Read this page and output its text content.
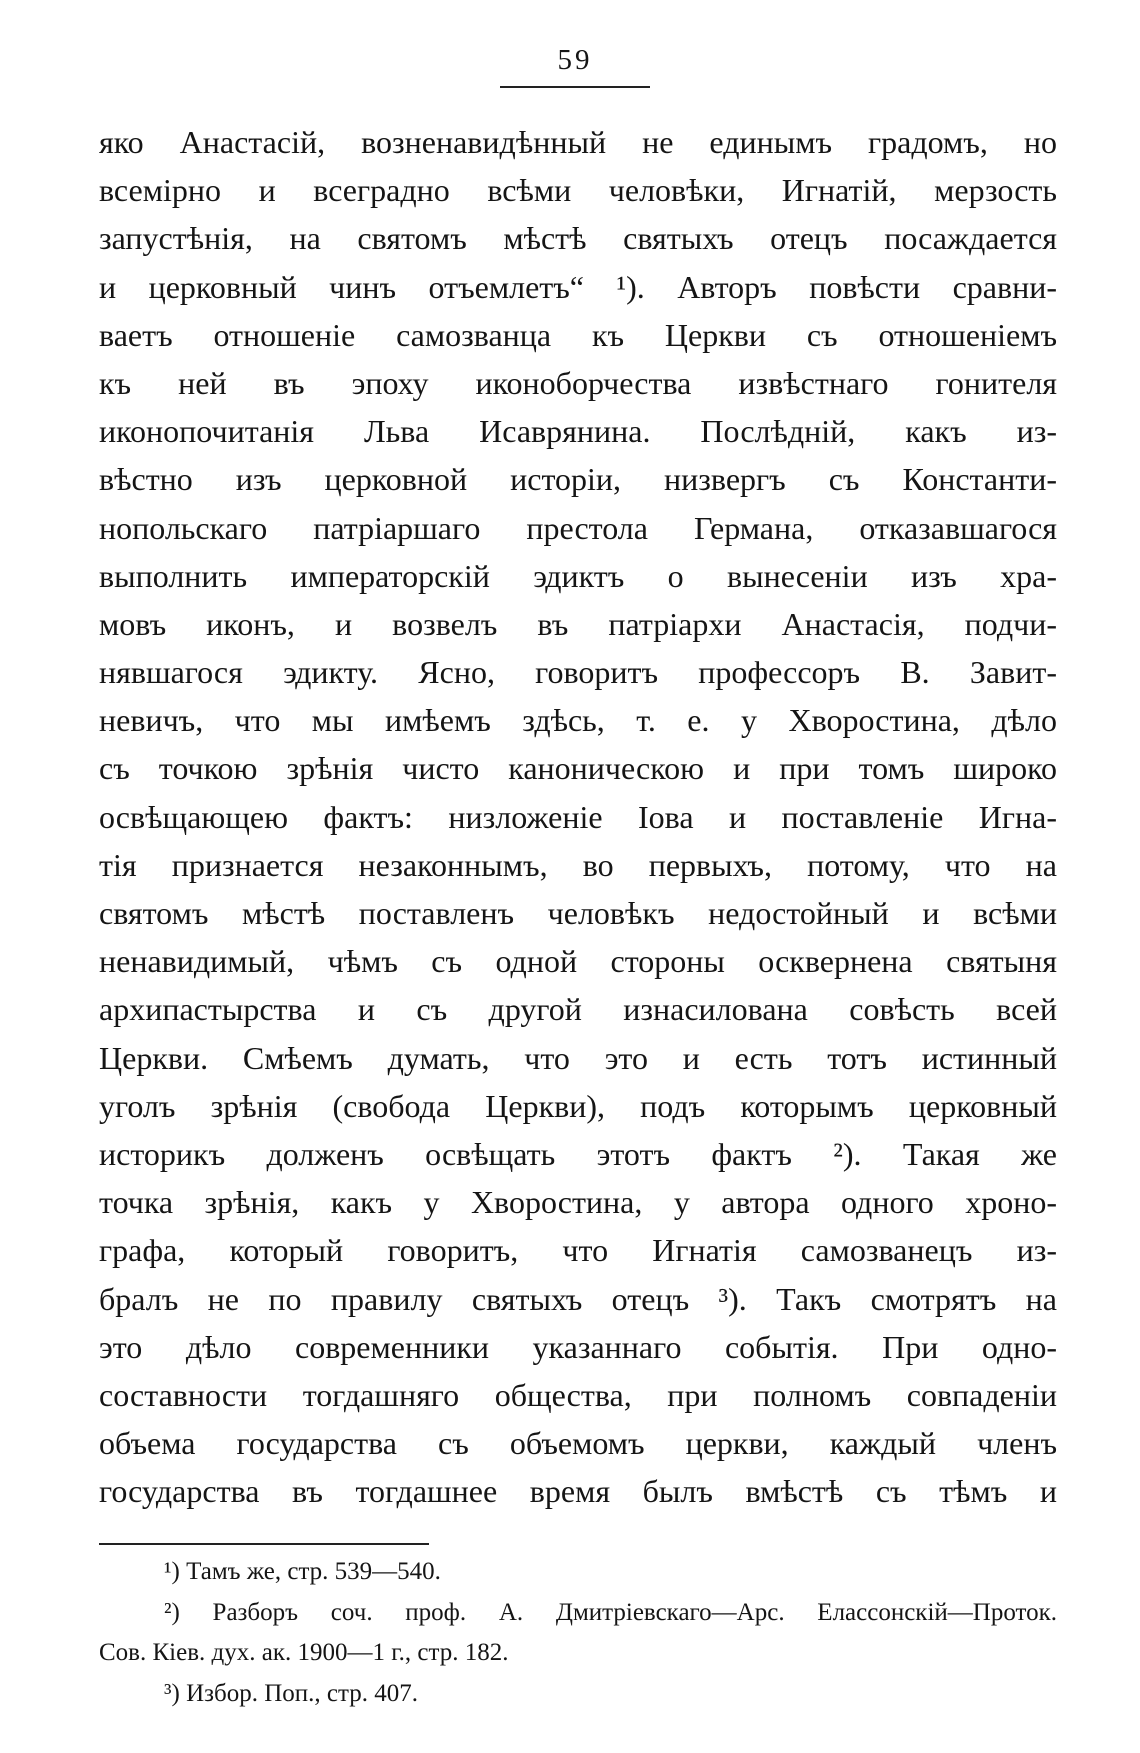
59
яко Анастасій, возненавидѣнный не единымъ градомъ, но
всемірно и всеградно всѣми человѣки, Игнатій, мерзость
запустѣнія, на святомъ мѣстѣ святыхъ отецъ посаждается
и церковный чинъ отъемлетъ“ ¹). Авторъ повѣсти сравни-
ваетъ отношеніе самозванца къ Церкви съ отношеніемъ
къ ней въ эпоху иконоборчества извѣстнаго гонителя
иконопочитанія Льва Исаврянина. Послѣдній, какъ из-
вѣстно изъ церковной исторіи, низвергъ съ Константи-
нопольскаго патріаршаго престола Германа, отказавшагося
выполнить императорскій эдиктъ о вынесеніи изъ хра-
мовъ иконъ, и возвелъ въ патріархи Анастасія, подчи-
нявшагося эдикту. Ясно, говоритъ профессоръ В. Завит-
невичъ, что мы имѣемъ здѣсь, т. е. у Хворостина, дѣло
съ точкою зрѣнія чисто каноническою и при томъ широко
освѣщающею фактъ: низложеніе Іова и поставленіе Игна-
тія признается незаконнымъ, во первыхъ, потому, что на
святомъ мѣстѣ поставленъ человѣкъ недостойный и всѣми
ненавидимый, чѣмъ съ одной стороны осквернена святыня
архипастырства и съ другой изнасилована совѣсть всей
Церкви. Смѣемъ думать, что это и есть тотъ истинный
уголъ зрѣнія (свобода Церкви), подъ которымъ церковный
историкъ долженъ освѣщать этотъ фактъ ²). Такая же
точка зрѣнія, какъ у Хворостина, у автора одного хроно-
графа, который говоритъ, что Игнатія самозванецъ из-
бралъ не по правилу святыхъ отецъ ³). Такъ смотрятъ на
это дѣло современники указаннаго событія. При одно-
составности тогдашняго общества, при полномъ совпаденіи
объема государства съ объемомъ церкви, каждый членъ
государства въ тогдашнее время былъ вмѣстѣ съ тѣмъ и
¹) Тамъ же, стр. 539—540.
²) Разборъ соч. проф. А. Дмитріевскаго—Арс. Елассонскій—Проток.
Сов. Кіев. дух. ак. 1900—1 г., стр. 182.
³) Избор. Поп., стр. 407.
